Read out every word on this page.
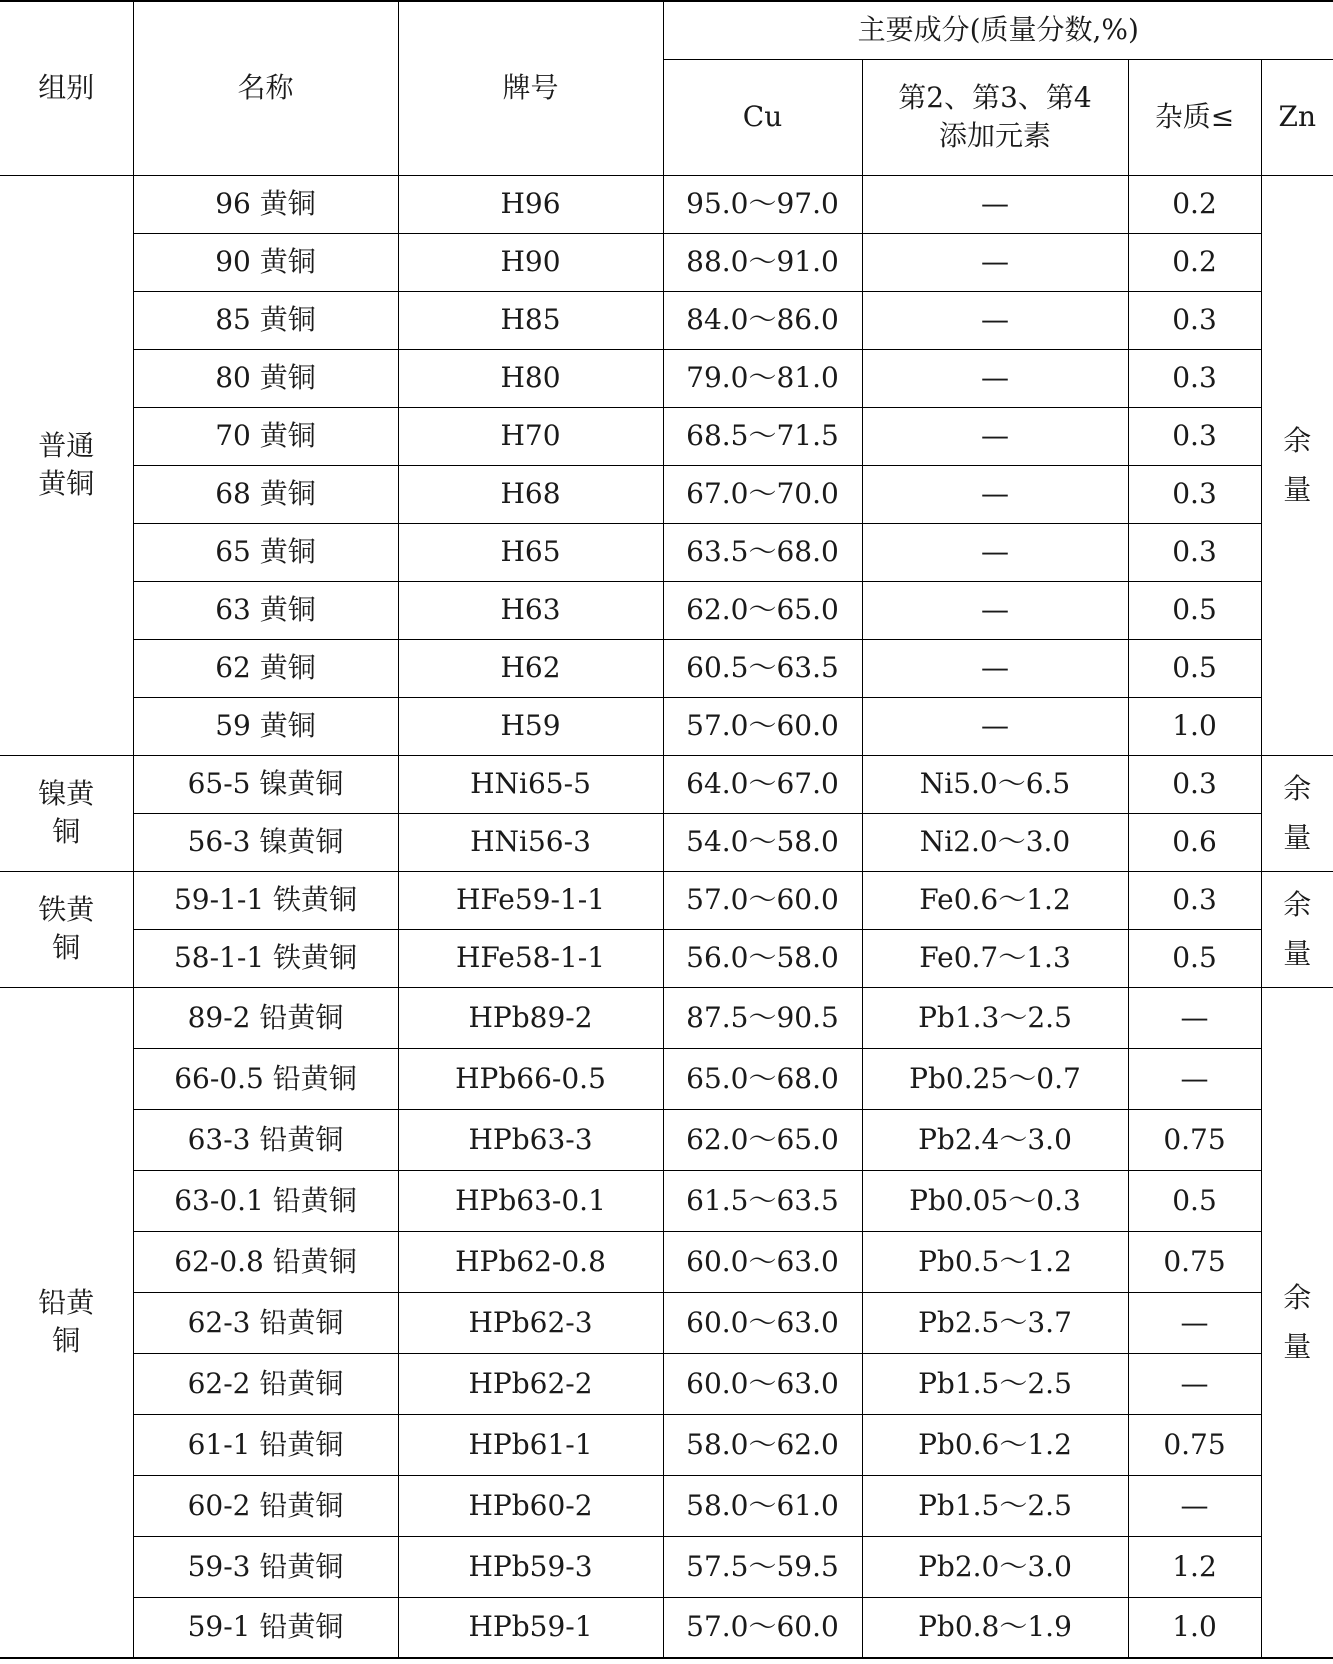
组别	名称	牌号	主要成分(质量分数,%)			
			Cu	第2、第3、第4添加元素	杂质≤	Zn
普通黄铜	96 黄铜	H96	95.0～97.0	—	0.2	余量
	90 黄铜	H90	88.0～91.0	—	0.2	
	85 黄铜	H85	84.0～86.0	—	0.3	
	80 黄铜	H80	79.0～81.0	—	0.3	
	70 黄铜	H70	68.5～71.5	—	0.3	
	68 黄铜	H68	67.0～70.0	—	0.3	
	65 黄铜	H65	63.5～68.0	—	0.3	
	63 黄铜	H63	62.0～65.0	—	0.5	
	62 黄铜	H62	60.5～63.5	—	0.5	
	59 黄铜	H59	57.0～60.0	—	1.0	
镍黄铜	65-5 镍黄铜	HNi65-5	64.0～67.0	Ni5.0～6.5	0.3	余量
	56-3 镍黄铜	HNi56-3	54.0～58.0	Ni2.0～3.0	0.6	
铁黄铜	59-1-1 铁黄铜	HFe59-1-1	57.0～60.0	Fe0.6～1.2	0.3	余量
	58-1-1 铁黄铜	HFe58-1-1	56.0～58.0	Fe0.7～1.3	0.5	
铅黄铜	89-2 铅黄铜	HPb89-2	87.5～90.5	Pb1.3～2.5	—	余量
	66-0.5 铅黄铜	HPb66-0.5	65.0～68.0	Pb0.25～0.7	—	
	63-3 铅黄铜	HPb63-3	62.0～65.0	Pb2.4～3.0	0.75	
	63-0.1 铅黄铜	HPb63-0.1	61.5～63.5	Pb0.05～0.3	0.5	
	62-0.8 铅黄铜	HPb62-0.8	60.0～63.0	Pb0.5～1.2	0.75	
	62-3 铅黄铜	HPb62-3	60.0～63.0	Pb2.5～3.7	—	
	62-2 铅黄铜	HPb62-2	60.0～63.0	Pb1.5～2.5	—	
	61-1 铅黄铜	HPb61-1	58.0～62.0	Pb0.6～1.2	0.75	
	60-2 铅黄铜	HPb60-2	58.0～61.0	Pb1.5～2.5	—	
	59-3 铅黄铜	HPb59-3	57.5～59.5	Pb2.0～3.0	1.2	
	59-1 铅黄铜	HPb59-1	57.0～60.0	Pb0.8～1.9	1.0	
